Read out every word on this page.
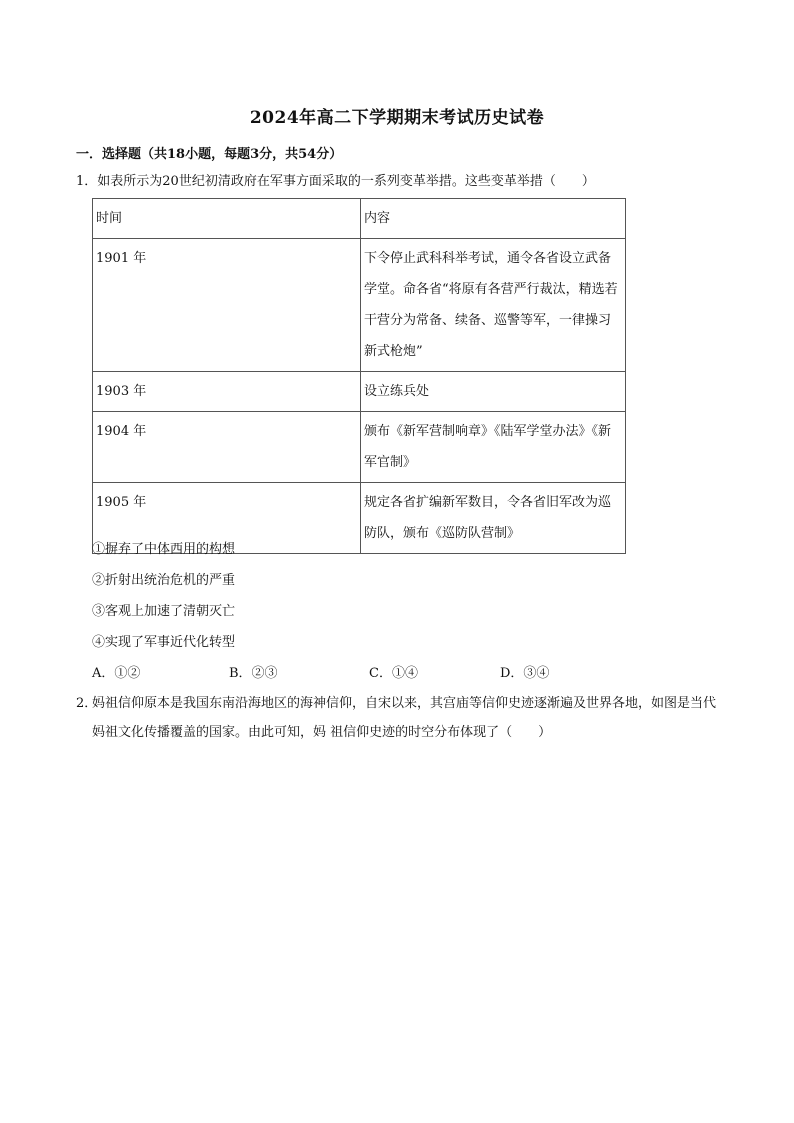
2024年高二下学期期末考试历史试卷
一．选择题（共18小题，每题3分，共54分）
1．如表所示为20世纪初清政府在军事方面采取的一系列变革举措。这些变革举措（　　）
时间	内容
1901 年	下令停止武科科举考试，通令各省设立武备学堂。命各省“将原有各营严行裁汰，精选若干营分为常备、续备、巡警等军，一律操习新式枪炮”
1903 年	设立练兵处
1904 年	颁布《新军营制响章》《陆军学堂办法》《新军官制》
1905 年	规定各省扩编新军数目，令各省旧军改为巡防队，颁布《巡防队营制》
①摒弃了中体西用的构想
②折射出统治危机的严重
③客观上加速了清朝灭亡
④实现了军事近代化转型
A．①②	B．②③	C．①④	D．③④
2．
妈祖信仰原本是我国东南沿海地区的海神信仰，自宋以来，其宫庙等信仰史迹逐渐遍及世界各地，如图是当代妈祖文化传播覆盖的国家。由此可知，妈 祖信仰史迹的时空分布体现了（　　）
